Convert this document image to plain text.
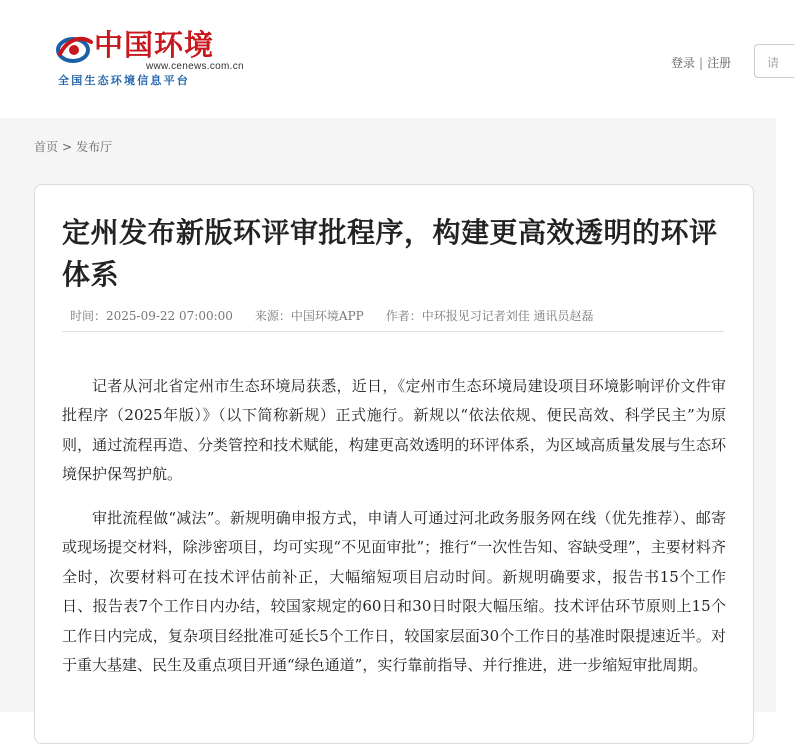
中国环境
www.cenews.com.cn
全国生态环境信息平台
登录 | 注册	请
首页 > 发布厅
定州发布新版环评审批程序，构建更高效透明的环评体系
时间：2025-09-22 07:00:00 来源：中国环境APP 作者：中环报见习记者刘佳 通讯员赵磊

记者从河北省定州市生态环境局获悉，近日，《定州市生态环境局建设项目环境影响评价文件审批程序（2025年版）》（以下简称新规）正式施行。新规以“依法依规、便民高效、科学民主”为原则，通过流程再造、分类管控和技术赋能，构建更高效透明的环评体系，为区域高质量发展与生态环境保护保驾护航。

审批流程做“减法”。新规明确申报方式，申请人可通过河北政务服务网在线（优先推荐）、邮寄或现场提交材料，除涉密项目，均可实现“不见面审批”；推行“一次性告知、容缺受理”，主要材料齐全时，次要材料可在技术评估前补正，大幅缩短项目启动时间。新规明确要求，报告书15个工作日、报告表7个工作日内办结，较国家规定的60日和30日时限大幅压缩。技术评估环节原则上15个工作日内完成，复杂项目经批准可延长5个工作日，较国家层面30个工作日的基准时限提速近半。对于重大基建、民生及重点项目开通“绿色通道”，实行靠前指导、并行推进，进一步缩短审批周期。
